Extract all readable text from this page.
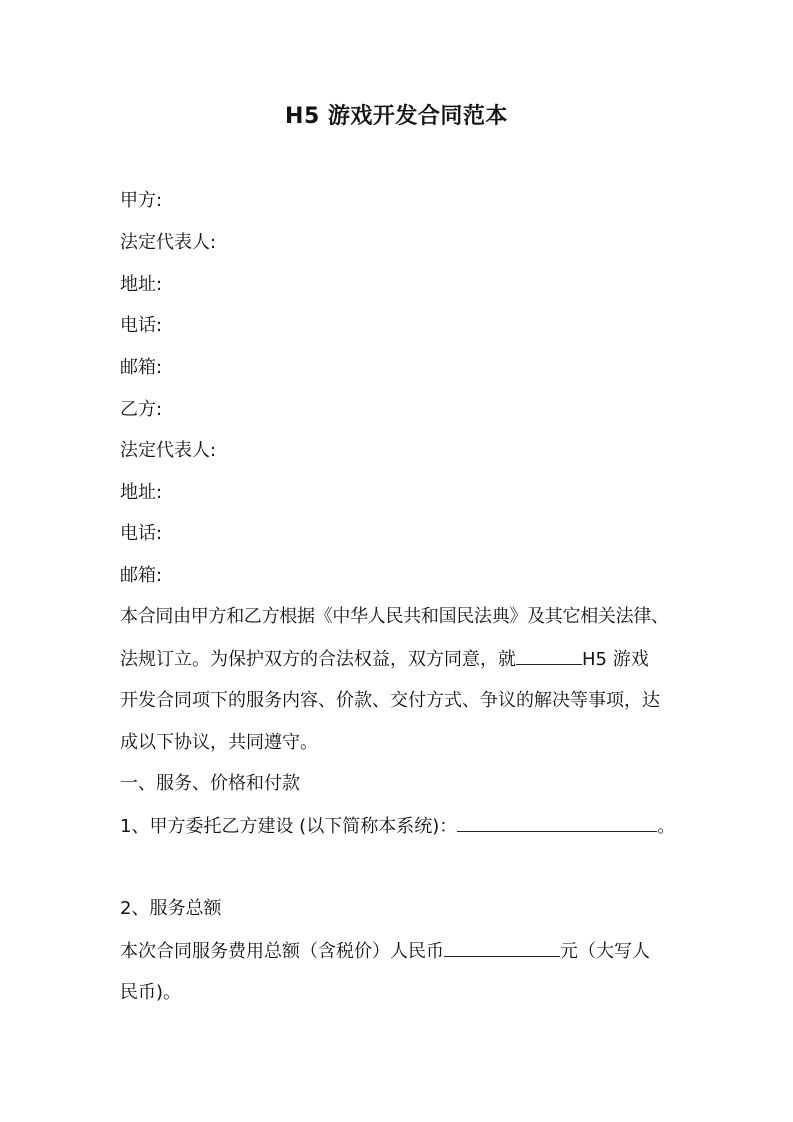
H5 游戏开发合同范本
甲方:
法定代表人:
地址:
电话:
邮箱:
乙方:
法定代表人:
地址:
电话:
邮箱:
本合同由甲方和乙方根据《中华人民共和国民法典》及其它相关法律、
法规订立。为保护双方的合法权益，双方同意，就	H5 游戏
开发合同项下的服务内容、价款、交付方式、争议的解决等事项，达
成以下协议，共同遵守。
一、服务、价格和付款
1、甲方委托乙方建设 (以下简称本系统)：	。
2、服务总额
本次合同服务费用总额（含税价）人民币	元（大写人
民币)。
